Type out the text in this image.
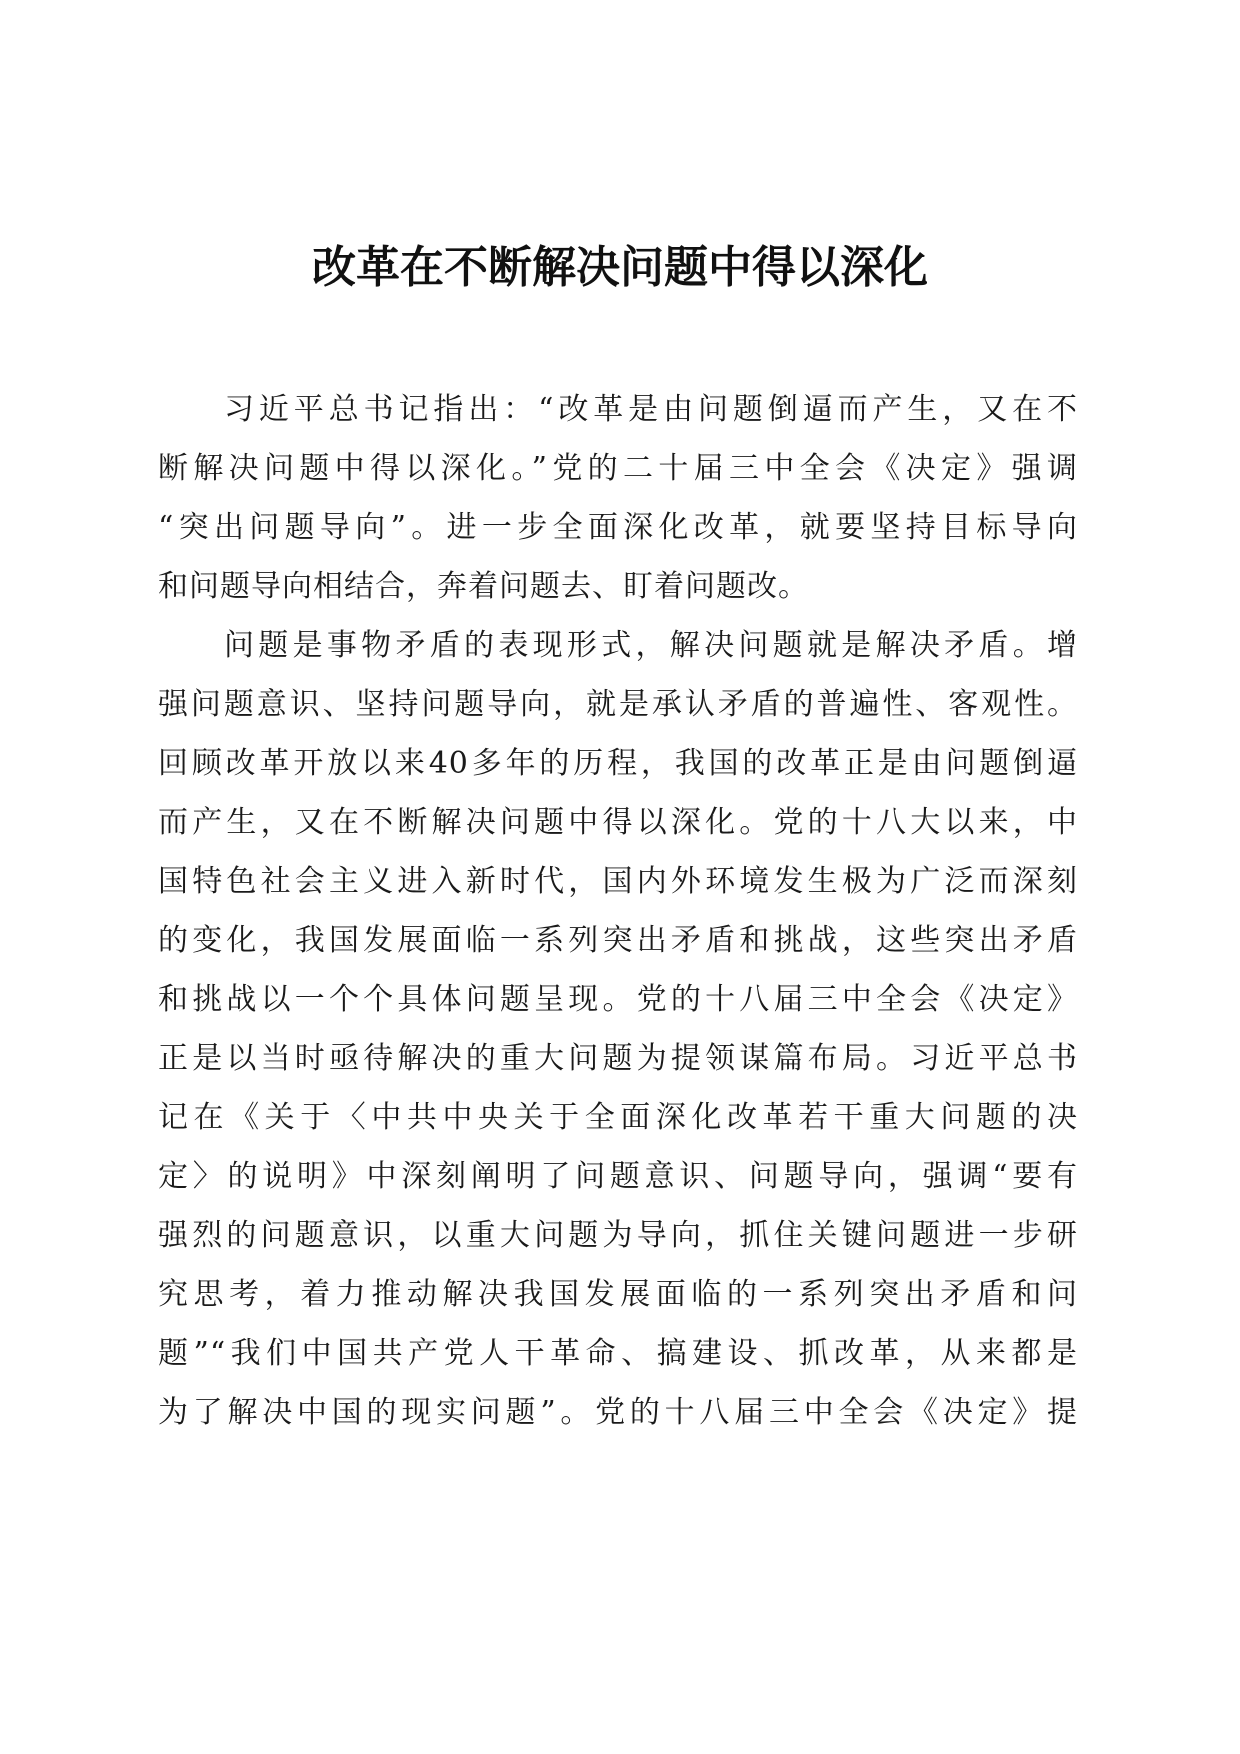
改革在不断解决问题中得以深化
习近平总书记指出：“改革是由问题倒逼而产生，又在不
断解决问题中得以深化。”党的二十届三中全会《决定》强调
“突出问题导向”。进一步全面深化改革，就要坚持目标导向
和问题导向相结合，奔着问题去、盯着问题改。
问题是事物矛盾的表现形式，解决问题就是解决矛盾。增
强问题意识、坚持问题导向，就是承认矛盾的普遍性、客观性。
回顾改革开放以来40多年的历程，我国的改革正是由问题倒逼
而产生，又在不断解决问题中得以深化。党的十八大以来，中
国特色社会主义进入新时代，国内外环境发生极为广泛而深刻
的变化，我国发展面临一系列突出矛盾和挑战，这些突出矛盾
和挑战以一个个具体问题呈现。党的十八届三中全会《决定》
正是以当时亟待解决的重大问题为提领谋篇布局。习近平总书
记在《关于〈中共中央关于全面深化改革若干重大问题的决
定〉的说明》中深刻阐明了问题意识、问题导向，强调“要有
强烈的问题意识，以重大问题为导向，抓住关键问题进一步研
究思考，着力推动解决我国发展面临的一系列突出矛盾和问
题”“我们中国共产党人干革命、搞建设、抓改革，从来都是
为了解决中国的现实问题”。党的十八届三中全会《决定》提
